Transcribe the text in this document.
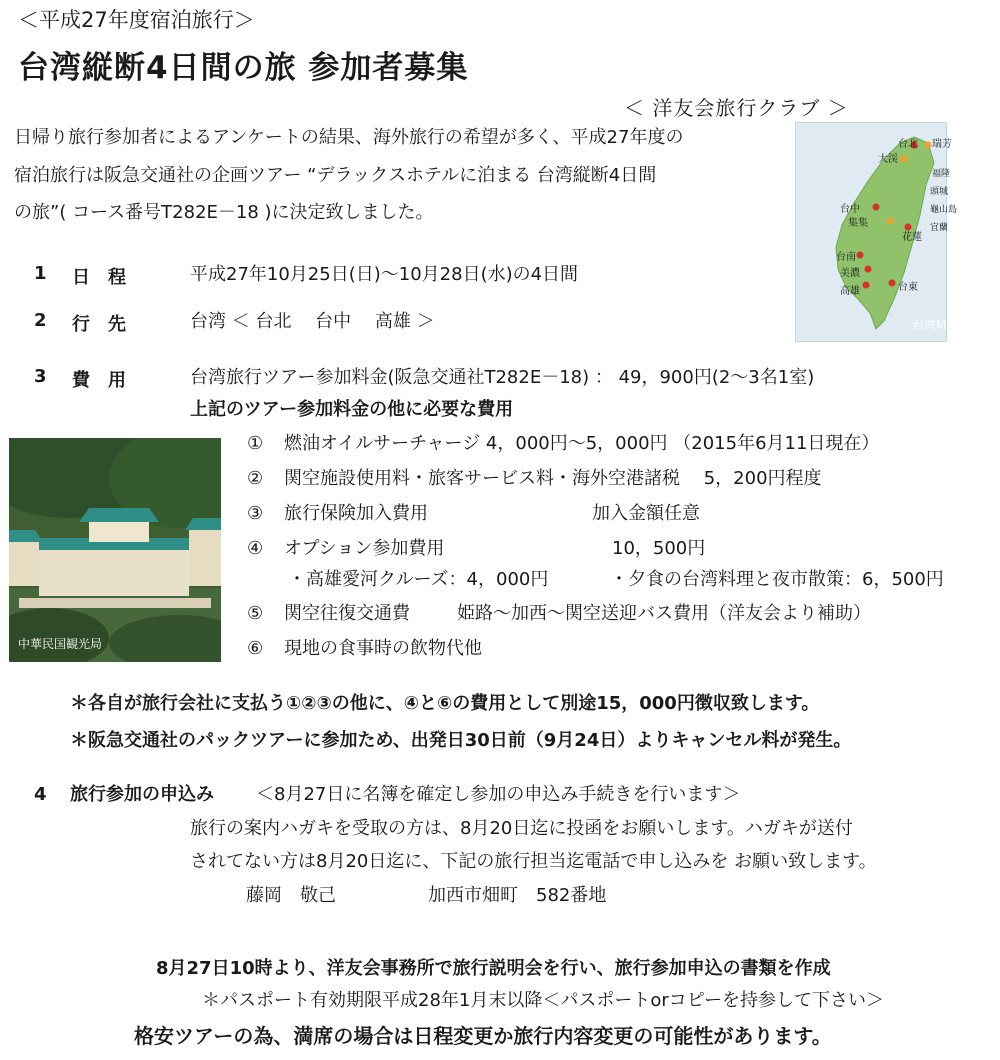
＜平成27年度宿泊旅行＞
台湾縦断4日間の旅 参加者募集
＜ 洋友会旅行クラブ ＞
日帰り旅行参加者によるアンケートの結果、海外旅行の希望が多く、平成27年度の
宿泊旅行は阪急交通社の企画ツアー “デラックスホテルに泊まる 台湾縦断4日間
の旅”( コース番号T282E－18 )に決定致しました。
台北 瑞芳
大渓
福隆
頭城
龜山島
宜蘭
台中
集集
花蓮
台南
美濃
高雄	台東
台湾MAP
1 日　程	平成27年10月25日(日)～10月28日(水)の4日間
2 行　先	台湾 ＜ 台北　 台中　 高雄 ＞
3 費　用	台湾旅行ツアー参加料金(阪急交通社T282E－18) ： 49，900円(2～3名1室)
上記のツアー参加料金の他に必要な費用
中華民国観光局
① 燃油オイルサーチャージ 4，000円～5，000円 （2015年6月11日現在）
② 関空施設使用料・旅客サービス料・海外空港諸税　 5，200円程度
③ 旅行保険加入費用	加入金額任意
④ オプション参加費用	10，500円
・高雄愛河クルーズ：4，000円	・夕食の台湾料理と夜市散策：6，500円
⑤ 関空往復交通費	姫路～加西～関空送迎バス費用（洋友会より補助）
⑥ 現地の食事時の飲物代他
＊各自が旅行会社に支払う①②③の他に、④と⑥の費用として別途15，000円徴収致します。
＊阪急交通社のパックツアーに参加ため、出発日30日前（9月24日）よりキャンセル料が発生。
4 旅行参加の申込み ＜8月27日に名簿を確定し参加の申込み手続きを行います＞
旅行の案内ハガキを受取の方は、8月20日迄に投函をお願いします。ハガキが送付
されてない方は8月20日迄に、下記の旅行担当迄電話で申し込みを お願い致します。
藤岡　敬己	加西市畑町　582番地
8月27日10時より、洋友会事務所で旅行説明会を行い、旅行参加申込の書類を作成
＊パスポート有効期限平成28年1月末以降＜パスポートorコピーを持参して下さい＞
格安ツアーの為、満席の場合は日程変更か旅行内容変更の可能性があります。
